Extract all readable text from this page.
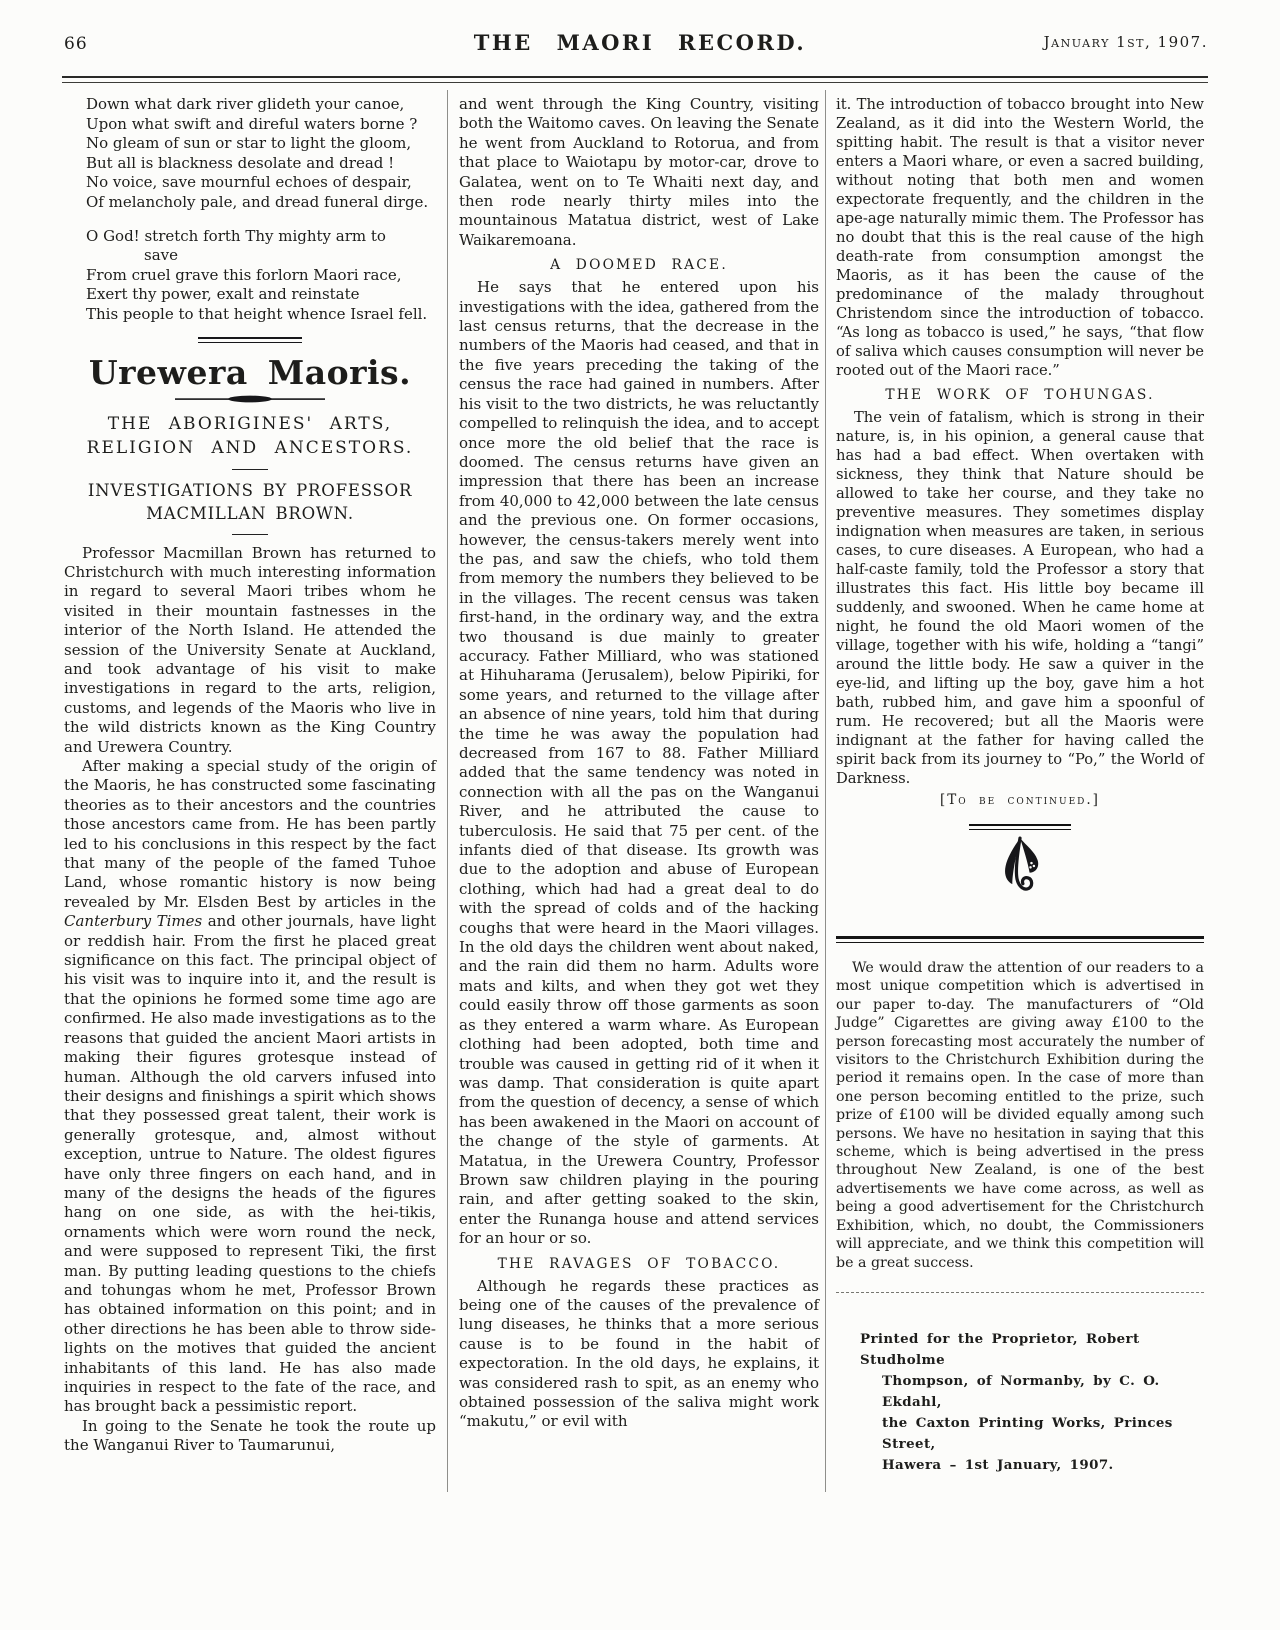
66	THE MAORI RECORD.	January 1st, 1907.
Down what dark river glideth your canoe,
Upon what swift and direful waters borne ?
No gleam of sun or star to light the gloom,
But all is blackness desolate and dread !
No voice, save mournful echoes of despair,
Of melancholy pale, and dread funeral dirge.
O God! stretch forth Thy mighty arm to
save
From cruel grave this forlorn Maori race,
Exert thy power, exalt and reinstate
This people to that height whence Israel fell.
Urewera Maoris.
THE ABORIGINES' ARTS, RELIGION AND ANCESTORS.
INVESTIGATIONS BY PROFESSOR MACMILLAN BROWN.

Professor Macmillan Brown has returned to Christchurch with much interesting information in regard to several Maori tribes whom he visited in their mountain fastnesses in the interior of the North Island. He attended the session of the University Senate at Auckland, and took advantage of his visit to make investigations in regard to the arts, religion, customs, and legends of the Maoris who live in the wild districts known as the King Country and Urewera Country.

After making a special study of the origin of the Maoris, he has constructed some fascinating theories as to their ancestors and the countries those ancestors came from. He has been partly led to his conclusions in this respect by the fact that many of the people of the famed Tuhoe Land, whose romantic history is now being revealed by Mr. Elsden Best by articles in the Canterbury Times and other journals, have light or reddish hair. From the first he placed great significance on this fact. The principal object of his visit was to inquire into it, and the result is that the opinions he formed some time ago are confirmed. He also made investigations as to the reasons that guided the ancient Maori artists in making their figures grotesque instead of human. Although the old carvers infused into their designs and finishings a spirit which shows that they possessed great talent, their work is generally grotesque, and, almost without exception, untrue to Nature. The oldest figures have only three fingers on each hand, and in many of the designs the heads of the figures hang on one side, as with the hei-tikis, ornaments which were worn round the neck, and were supposed to represent Tiki, the first man. By putting leading questions to the chiefs and tohungas whom he met, Professor Brown has obtained information on this point; and in other directions he has been able to throw side-lights on the motives that guided the ancient inhabitants of this land. He has also made inquiries in respect to the fate of the race, and has brought back a pessimistic report.

In going to the Senate he took the route up the Wanganui River to Taumarunui,

and went through the King Country, visiting both the Waitomo caves. On leaving the Senate he went from Auckland to Rotorua, and from that place to Waiotapu by motor-car, drove to Galatea, went on to Te Whaiti next day, and then rode nearly thirty miles into the mountainous Matatua district, west of Lake Waikaremoana.

A DOOMED RACE.

He says that he entered upon his investigations with the idea, gathered from the last census returns, that the decrease in the numbers of the Maoris had ceased, and that in the five years preceding the taking of the census the race had gained in numbers. After his visit to the two districts, he was reluctantly compelled to relinquish the idea, and to accept once more the old belief that the race is doomed. The census returns have given an impression that there has been an increase from 40,000 to 42,000 between the late census and the previous one. On former occasions, however, the census-takers merely went into the pas, and saw the chiefs, who told them from memory the numbers they believed to be in the villages. The recent census was taken first-hand, in the ordinary way, and the extra two thousand is due mainly to greater accuracy. Father Milliard, who was stationed at Hihuharama (Jerusalem), below Pipiriki, for some years, and returned to the village after an absence of nine years, told him that during the time he was away the population had decreased from 167 to 88. Father Milliard added that the same tendency was noted in connection with all the pas on the Wanganui River, and he attributed the cause to tuberculosis. He said that 75 per cent. of the infants died of that disease. Its growth was due to the adoption and abuse of European clothing, which had had a great deal to do with the spread of colds and of the hacking coughs that were heard in the Maori villages. In the old days the children went about naked, and the rain did them no harm. Adults wore mats and kilts, and when they got wet they could easily throw off those garments as soon as they entered a warm whare. As European clothing had been adopted, both time and trouble was caused in getting rid of it when it was damp. That consideration is quite apart from the question of decency, a sense of which has been awakened in the Maori on account of the change of the style of garments. At Matatua, in the Urewera Country, Professor Brown saw children playing in the pouring rain, and after getting soaked to the skin, enter the Runanga house and attend services for an hour or so.

THE RAVAGES OF TOBACCO.

Although he regards these practices as being one of the causes of the prevalence of lung diseases, he thinks that a more serious cause is to be found in the habit of expectoration. In the old days, he explains, it was considered rash to spit, as an enemy who obtained possession of the saliva might work “makutu,” or evil with

it. The introduction of tobacco brought into New Zealand, as it did into the Western World, the spitting habit. The result is that a visitor never enters a Maori whare, or even a sacred building, without noting that both men and women expectorate frequently, and the children in the ape-age naturally mimic them. The Professor has no doubt that this is the real cause of the high death-rate from consumption amongst the Maoris, as it has been the cause of the predominance of the malady throughout Christendom since the introduction of tobacco. “As long as tobacco is used,” he says, “that flow of saliva which causes consumption will never be rooted out of the Maori race.”

THE WORK OF TOHUNGAS.

The vein of fatalism, which is strong in their nature, is, in his opinion, a general cause that has had a bad effect. When overtaken with sickness, they think that Nature should be allowed to take her course, and they take no preventive measures. They sometimes display indignation when measures are taken, in serious cases, to cure diseases. A European, who had a half-caste family, told the Professor a story that illustrates this fact. His little boy became ill suddenly, and swooned. When he came home at night, he found the old Maori women of the village, together with his wife, holding a “tangi” around the little body. He saw a quiver in the eye-lid, and lifting up the boy, gave him a hot bath, rubbed him, and gave him a spoonful of rum. He recovered; but all the Maoris were indignant at the father for having called the spirit back from its journey to “Po,” the World of Darkness.

[To be continued.]

We would draw the attention of our readers to a most unique competition which is advertised in our paper to-day. The manufacturers of “Old Judge” Cigarettes are giving away £100 to the person forecasting most accurately the number of visitors to the Christchurch Exhibition during the period it remains open. In the case of more than one person becoming entitled to the prize, such prize of £100 will be divided equally among such persons. We have no hesitation in saying that this scheme, which is being advertised in the press throughout New Zealand, is one of the best advertisements we have come across, as well as being a good advertisement for the Christchurch Exhibition, which, no doubt, the Commissioners will appreciate, and we think this competition will be a great success.

Printed for the Proprietor, Robert Studholme
Thompson, of Normanby, by C. O. Ekdahl,
the Caxton Printing Works, Princes Street,
Hawera – 1st January, 1907.
